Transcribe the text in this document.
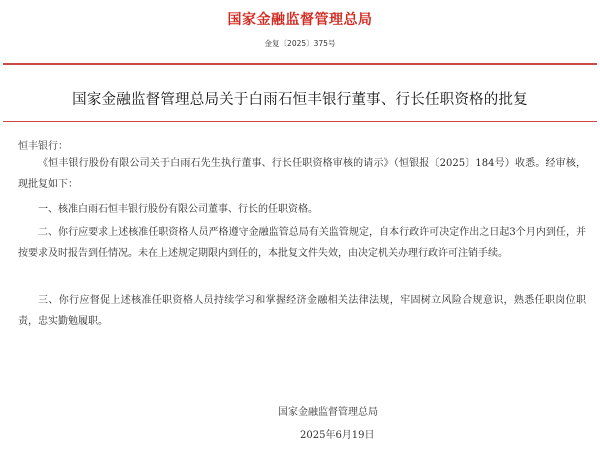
国家金融监督管理总局
金复〔2025〕375号
国家金融监督管理总局关于白雨石恒丰银行董事、行长任职资格的批复
恒丰银行：

《恒丰银行股份有限公司关于白雨石先生执行董事、行长任职资格审核的请示》（恒银报〔2025〕184号）收悉。经审核，现批复如下：

一、核准白雨石恒丰银行股份有限公司董事、行长的任职资格。

二、你行应要求上述核准任职资格人员严格遵守金融监管总局有关监管规定，自本行政许可决定作出之日起3个月内到任，并按要求及时报告到任情况。未在上述规定期限内到任的，本批复文件失效，由决定机关办理行政许可注销手续。

三、你行应督促上述核准任职资格人员持续学习和掌握经济金融相关法律法规，牢固树立风险合规意识，熟悉任职岗位职责，忠实勤勉履职。

国家金融监督管理总局
2025年6月19日
